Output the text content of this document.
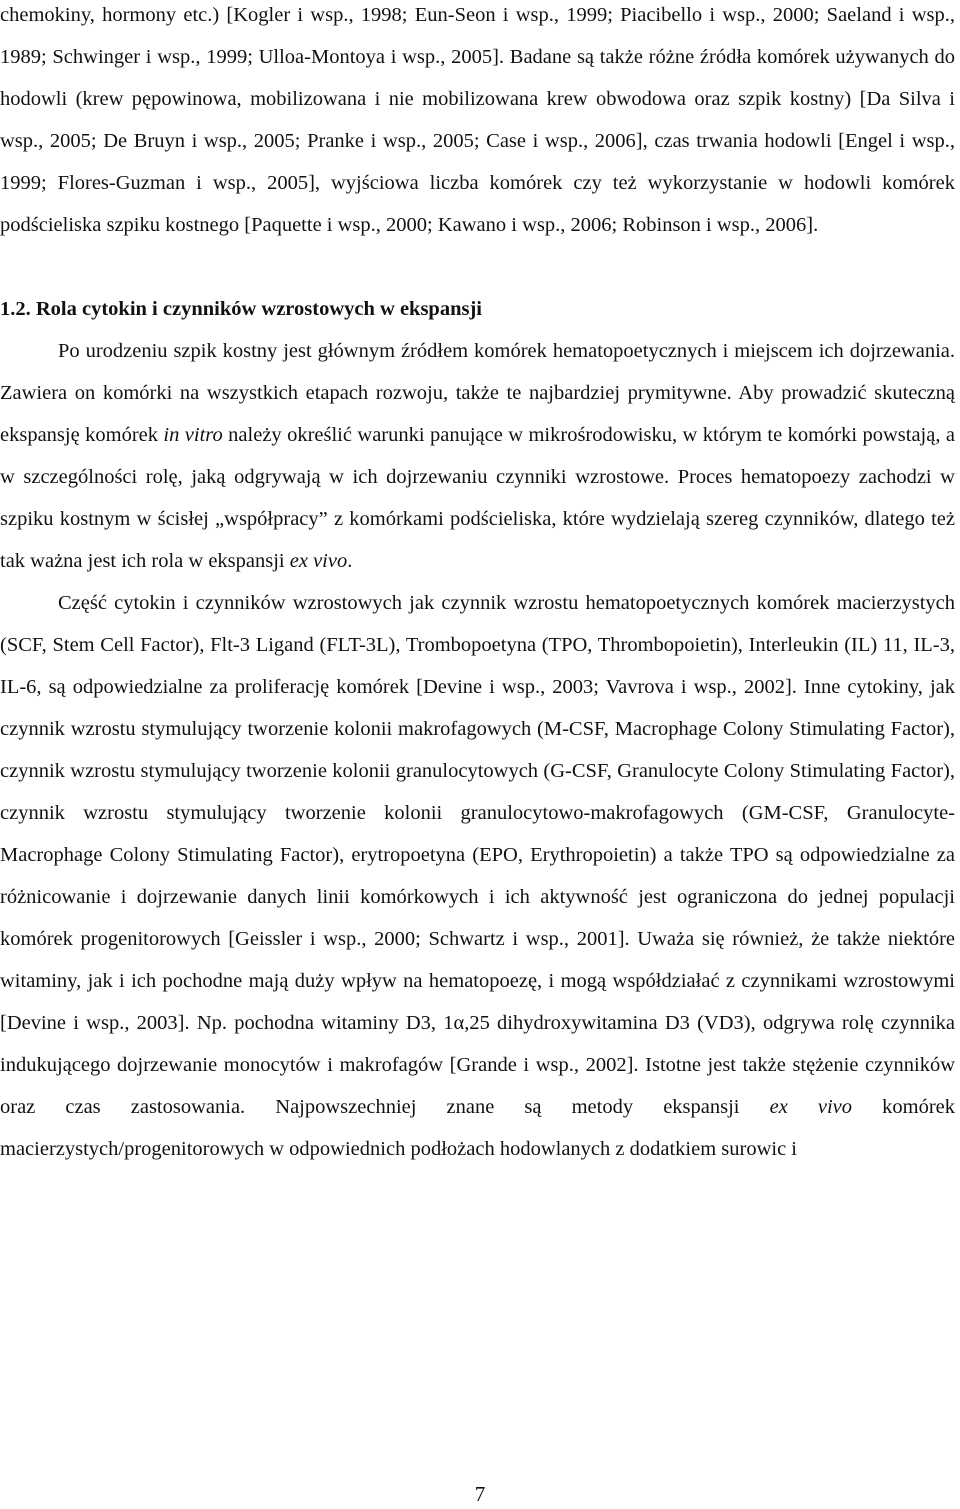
chemokiny, hormony etc.) [Kogler i wsp., 1998; Eun-Seon i wsp., 1999; Piacibello i wsp., 2000; Saeland i wsp., 1989; Schwinger i wsp., 1999; Ulloa-Montoya i wsp., 2005]. Badane są także różne źródła komórek używanych do hodowli (krew pępowinowa, mobilizowana i nie mobilizowana krew obwodowa oraz szpik kostny) [Da Silva i wsp., 2005; De Bruyn i wsp., 2005; Pranke i wsp., 2005; Case i wsp., 2006], czas trwania hodowli [Engel i wsp., 1999; Flores-Guzman i wsp., 2005], wyjściowa liczba komórek czy też wykorzystanie w hodowli komórek podścieliska szpiku kostnego [Paquette i wsp., 2000; Kawano i wsp., 2006; Robinson i wsp., 2006].

1.2. Rola cytokin i czynników wzrostowych w ekspansji

Po urodzeniu szpik kostny jest głównym źródłem komórek hematopoetycznych i miejscem ich dojrzewania. Zawiera on komórki na wszystkich etapach rozwoju, także te najbardziej prymitywne. Aby prowadzić skuteczną ekspansję komórek in vitro należy określić warunki panujące w mikrośrodowisku, w którym te komórki powstają, a w szczególności rolę, jaką odgrywają w ich dojrzewaniu czynniki wzrostowe. Proces hematopoezy zachodzi w szpiku kostnym w ścisłej „współpracy” z komórkami podścieliska, które wydzielają szereg czynników, dlatego też tak ważna jest ich rola w ekspansji ex vivo.

Część cytokin i czynników wzrostowych jak czynnik wzrostu hematopoetycznych komórek macierzystych (SCF, Stem Cell Factor), Flt-3 Ligand (FLT-3L), Trombopoetyna (TPO, Thrombopoietin), Interleukin (IL) 11, IL-3, IL-6, są odpowiedzialne za proliferację komórek [Devine i wsp., 2003; Vavrova i wsp., 2002]. Inne cytokiny, jak czynnik wzrostu stymulujący tworzenie kolonii makrofagowych (M-CSF, Macrophage Colony Stimulating Factor), czynnik wzrostu stymulujący tworzenie kolonii granulocytowych (G-CSF, Granulocyte Colony Stimulating Factor), czynnik wzrostu stymulujący tworzenie kolonii granulocytowo-makrofagowych (GM-CSF, Granulocyte-Macrophage Colony Stimulating Factor), erytropoetyna (EPO, Erythropoietin) a także TPO są odpowiedzialne za różnicowanie i dojrzewanie danych linii komórkowych i ich aktywność jest ograniczona do jednej populacji komórek progenitorowych [Geissler i wsp., 2000; Schwartz i wsp., 2001]. Uważa się również, że także niektóre witaminy, jak i ich pochodne mają duży wpływ na hematopoezę, i mogą współdziałać z czynnikami wzrostowymi [Devine i wsp., 2003]. Np. pochodna witaminy D3, 1α,25 dihydroxywitamina D3 (VD3), odgrywa rolę czynnika indukującego dojrzewanie monocytów i makrofagów [Grande i wsp., 2002]. Istotne jest także stężenie czynników oraz czas zastosowania. Najpowszechniej znane są metody ekspansji ex vivo komórek macierzystych/progenitorowych w odpowiednich podłożach hodowlanych z dodatkiem surowic i

7
